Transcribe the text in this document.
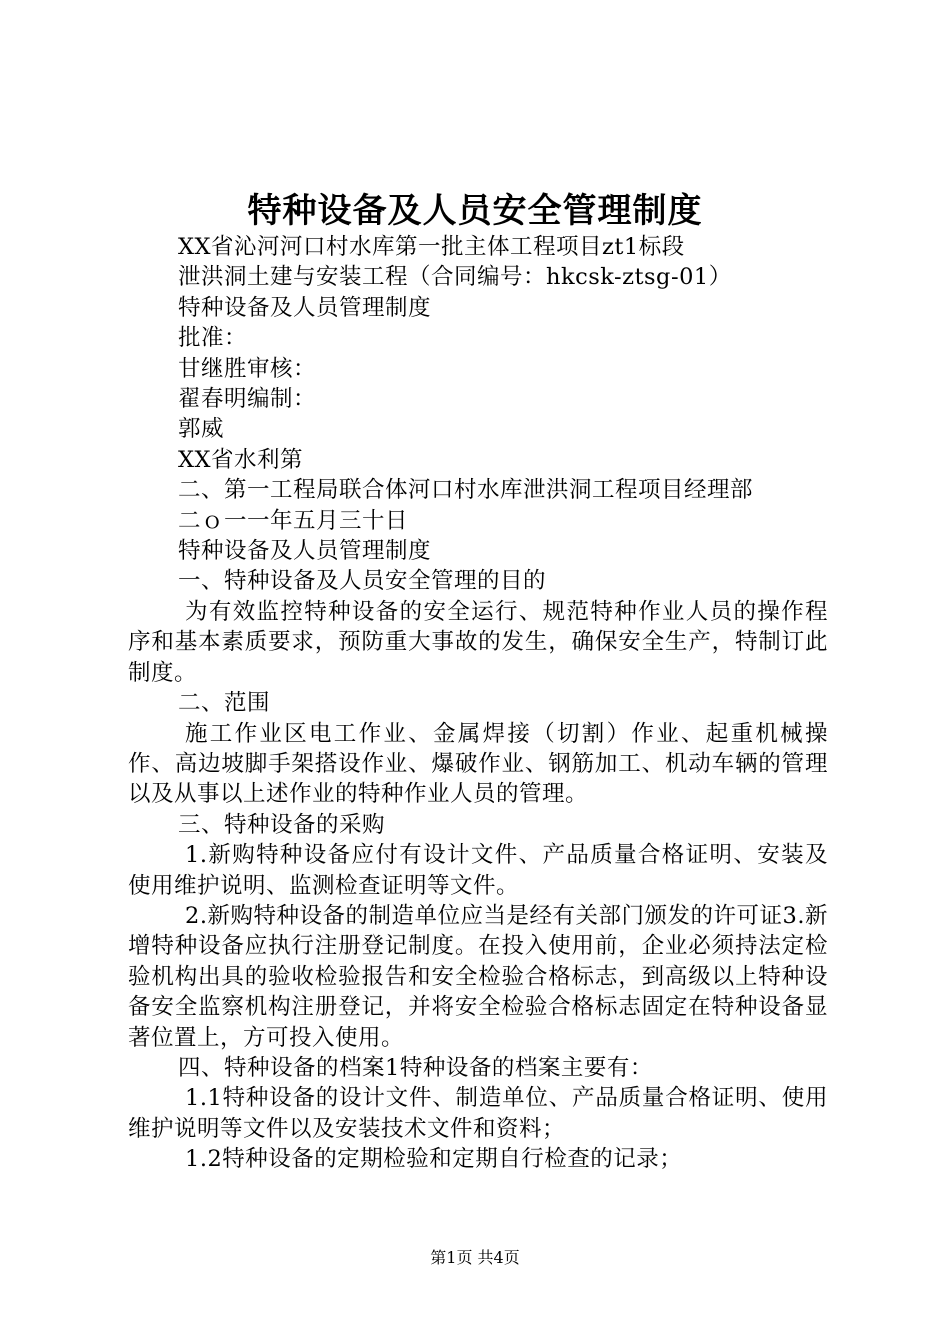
特种设备及人员安全管理制度
XX省沁河河口村水库第一批主体工程项目zt1标段
泄洪洞土建与安装工程（合同编号：hkcsk-ztsg-01）
特种设备及人员管理制度
批准：
甘继胜审核：
翟春明编制：
郭威
XX省水利第
二、第一工程局联合体河口村水库泄洪洞工程项目经理部
二ｏ一一年五月三十日
特种设备及人员管理制度
一、特种设备及人员安全管理的目的
为有效监控特种设备的安全运行、规范特种作业人员的操作程序和基本素质要求，预防重大事故的发生，确保安全生产，特制订此制度。
二、范围
施工作业区电工作业、金属焊接（切割）作业、起重机械操作、高边坡脚手架搭设作业、爆破作业、钢筋加工、机动车辆的管理以及从事以上述作业的特种作业人员的管理。
三、特种设备的采购
1.新购特种设备应付有设计文件、产品质量合格证明、安装及使用维护说明、监测检查证明等文件。
2.新购特种设备的制造单位应当是经有关部门颁发的许可证3.新增特种设备应执行注册登记制度。在投入使用前，企业必须持法定检验机构出具的验收检验报告和安全检验合格标志，到高级以上特种设备安全监察机构注册登记，并将安全检验合格标志固定在特种设备显著位置上，方可投入使用。
四、特种设备的档案1特种设备的档案主要有：
1.1特种设备的设计文件、制造单位、产品质量合格证明、使用维护说明等文件以及安装技术文件和资料；
1.2特种设备的定期检验和定期自行检查的记录；
第1页 共4页
